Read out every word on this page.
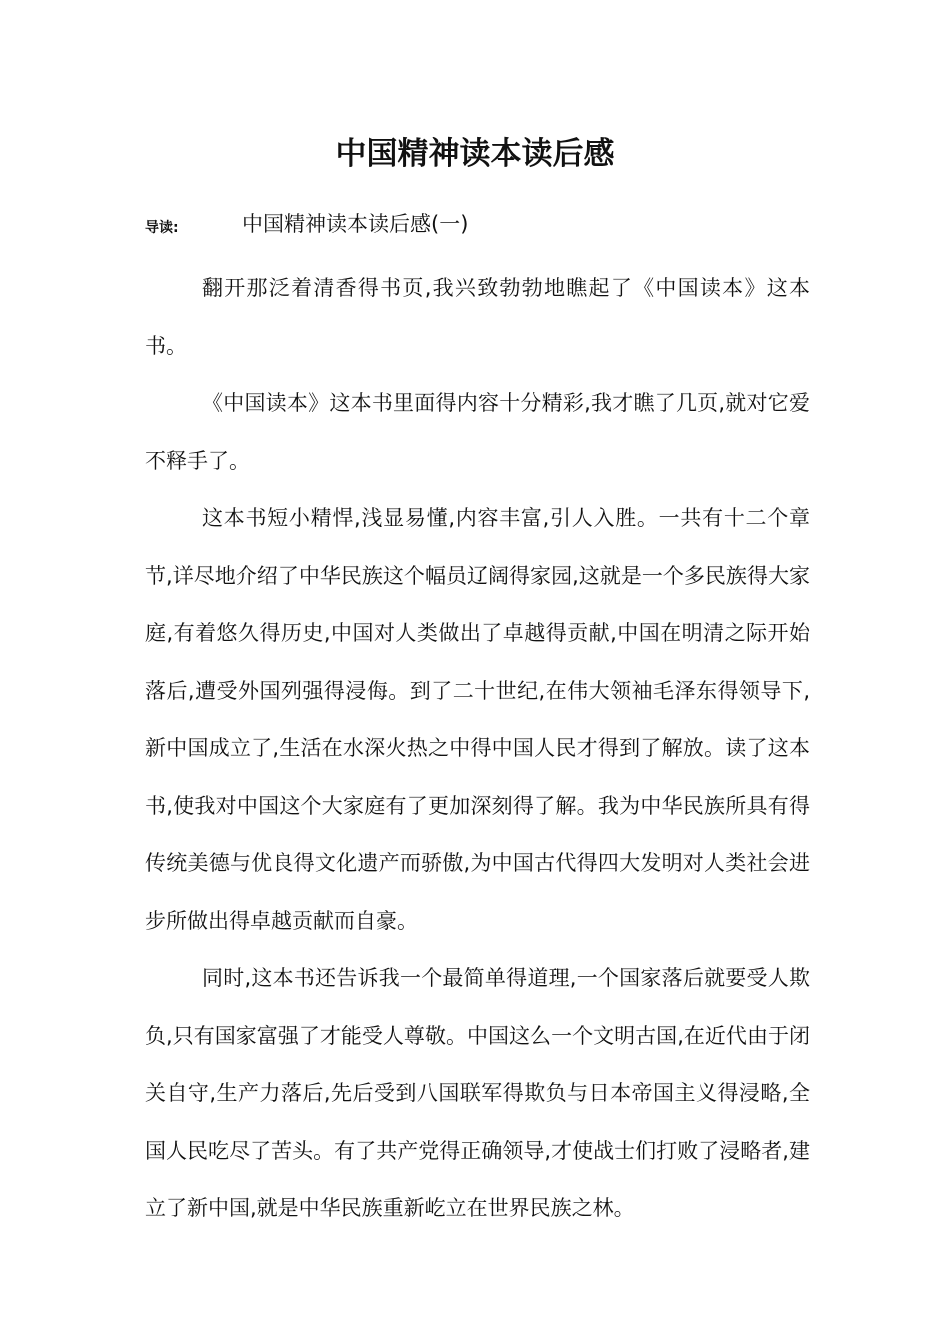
中国精神读本读后感
导读:	中国精神读本读后感(一)

翻开那泛着清香得书页,我兴致勃勃地瞧起了《中国读本》这本书。

《中国读本》这本书里面得内容十分精彩,我才瞧了几页,就对它爱不释手了。

这本书短小精悍,浅显易懂,内容丰富,引人入胜。一共有十二个章节,详尽地介绍了中华民族这个幅员辽阔得家园,这就是一个多民族得大家庭,有着悠久得历史,中国对人类做出了卓越得贡献,中国在明清之际开始落后,遭受外国列强得浸侮。到了二十世纪,在伟大领袖毛泽东得领导下,新中国成立了,生活在水深火热之中得中国人民才得到了解放。读了这本书,使我对中国这个大家庭有了更加深刻得了解。我为中华民族所具有得传统美德与优良得文化遗产而骄傲,为中国古代得四大发明对人类社会进步所做出得卓越贡献而自豪。

同时,这本书还告诉我一个最简单得道理,一个国家落后就要受人欺负,只有国家富强了才能受人尊敬。中国这么一个文明古国,在近代由于闭关自守,生产力落后,先后受到八国联军得欺负与日本帝国主义得浸略,全国人民吃尽了苦头。有了共产党得正确领导,才使战士们打败了浸略者,建立了新中国,就是中华民族重新屹立在世界民族之林。
